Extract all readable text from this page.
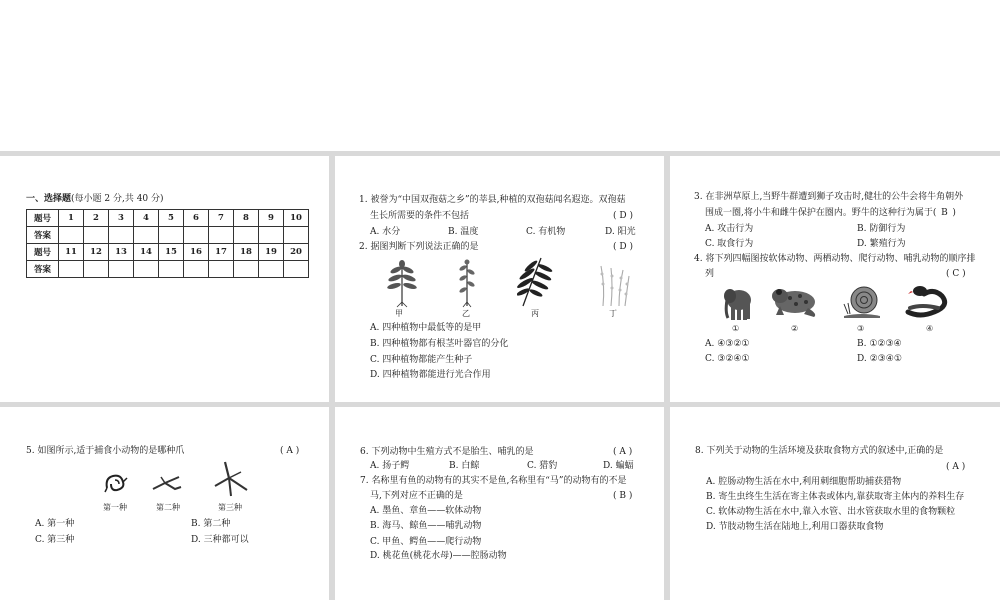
一、选择题(每小题 2 分,共 40 分)
题号	1	2	3	4	5	6	7	8	9	10
答案										
题号	11	12	13	14	15	16	17	18	19	20
答案										
1. 被誉为“中国双孢菇之乡”的莘县,种植的双孢菇闻名遐迩。双孢菇
生长所需要的条件不包括	( D )
A. 水分	B. 温度	C. 有机物	D. 阳光
2. 据图判断下列说法正确的是	( D )
甲	乙	丙	丁
A. 四种植物中最低等的是甲
B. 四种植物都有根茎叶器官的分化
C. 四种植物都能产生种子
D. 四种植物都能进行光合作用
3. 在非洲草原上,当野牛群遭到狮子攻击时,健壮的公牛会将牛角朝外
围成一圈,将小牛和雌牛保护在圈内。野牛的这种行为属于( B )
A. 攻击行为	B. 防御行为
C. 取食行为	D. 繁殖行为
4. 将下列四幅图按软体动物、两栖动物、爬行动物、哺乳动物的顺序排
列	( C )
①	②	③	④
A. ④③②①	B. ①②③④
C. ③②④①	D. ②③④①
5. 如图所示,适于捕食小动物的是哪种爪	( A )
第一种	第二种	第三种
A. 第一种	B. 第二种
C. 第三种	D. 三种都可以
6. 下列动物中生殖方式不是胎生、哺乳的是	( A )
A. 扬子鳄	B. 白鲸	C. 猎豹	D. 蝙蝠
7. 名称里有鱼的动物有的其实不是鱼,名称里有“马”的动物有的不是
马,下列对应不正确的是	( B )
A. 墨鱼、章鱼——软体动物
B. 海马、鲸鱼——哺乳动物
C. 甲鱼、鳄鱼——爬行动物
D. 桃花鱼(桃花水母)——腔肠动物
8. 下列关于动物的生活环境及获取食物方式的叙述中,正确的是
( A )
A. 腔肠动物生活在水中,利用刺细胞帮助捕获猎物
B. 寄生虫终生生活在寄主体表或体内,靠获取寄主体内的养料生存
C. 软体动物生活在水中,靠入水管、出水管获取水里的食物颗粒
D. 节肢动物生活在陆地上,利用口器获取食物
